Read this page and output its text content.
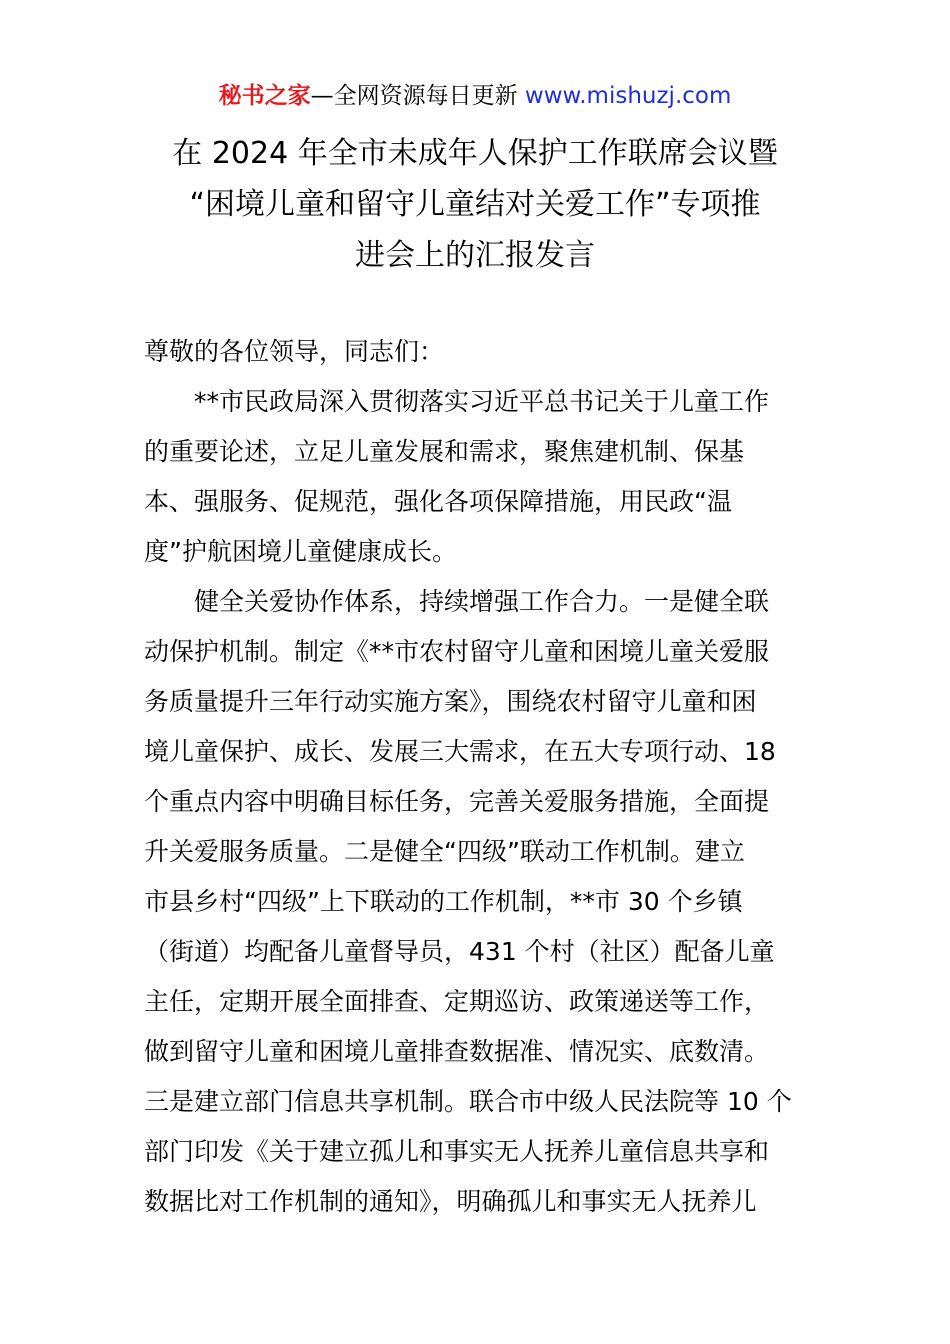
秘书之家—全网资源每日更新 www.mishuzj.com
在 2024 年全市未成年人保护工作联席会议暨
“困境儿童和留守儿童结对关爱工作”专项推
进会上的汇报发言
尊敬的各位领导，同志们：
**市民政局深入贯彻落实习近平总书记关于儿童工作
的重要论述，立足儿童发展和需求，聚焦建机制、保基
本、强服务、促规范，强化各项保障措施，用民政“温
度”护航困境儿童健康成长。
健全关爱协作体系，持续增强工作合力。一是健全联
动保护机制。制定《**市农村留守儿童和困境儿童关爱服
务质量提升三年行动实施方案》，围绕农村留守儿童和困
境儿童保护、成长、发展三大需求，在五大专项行动、18
个重点内容中明确目标任务，完善关爱服务措施，全面提
升关爱服务质量。二是健全“四级”联动工作机制。建立
市县乡村“四级”上下联动的工作机制，**市 30 个乡镇
（街道）均配备儿童督导员，431 个村（社区）配备儿童
主任，定期开展全面排查、定期巡访、政策递送等工作，
做到留守儿童和困境儿童排查数据准、情况实、底数清。
三是建立部门信息共享机制。联合市中级人民法院等 10 个
部门印发《关于建立孤儿和事实无人抚养儿童信息共享和
数据比对工作机制的通知》，明确孤儿和事实无人抚养儿
